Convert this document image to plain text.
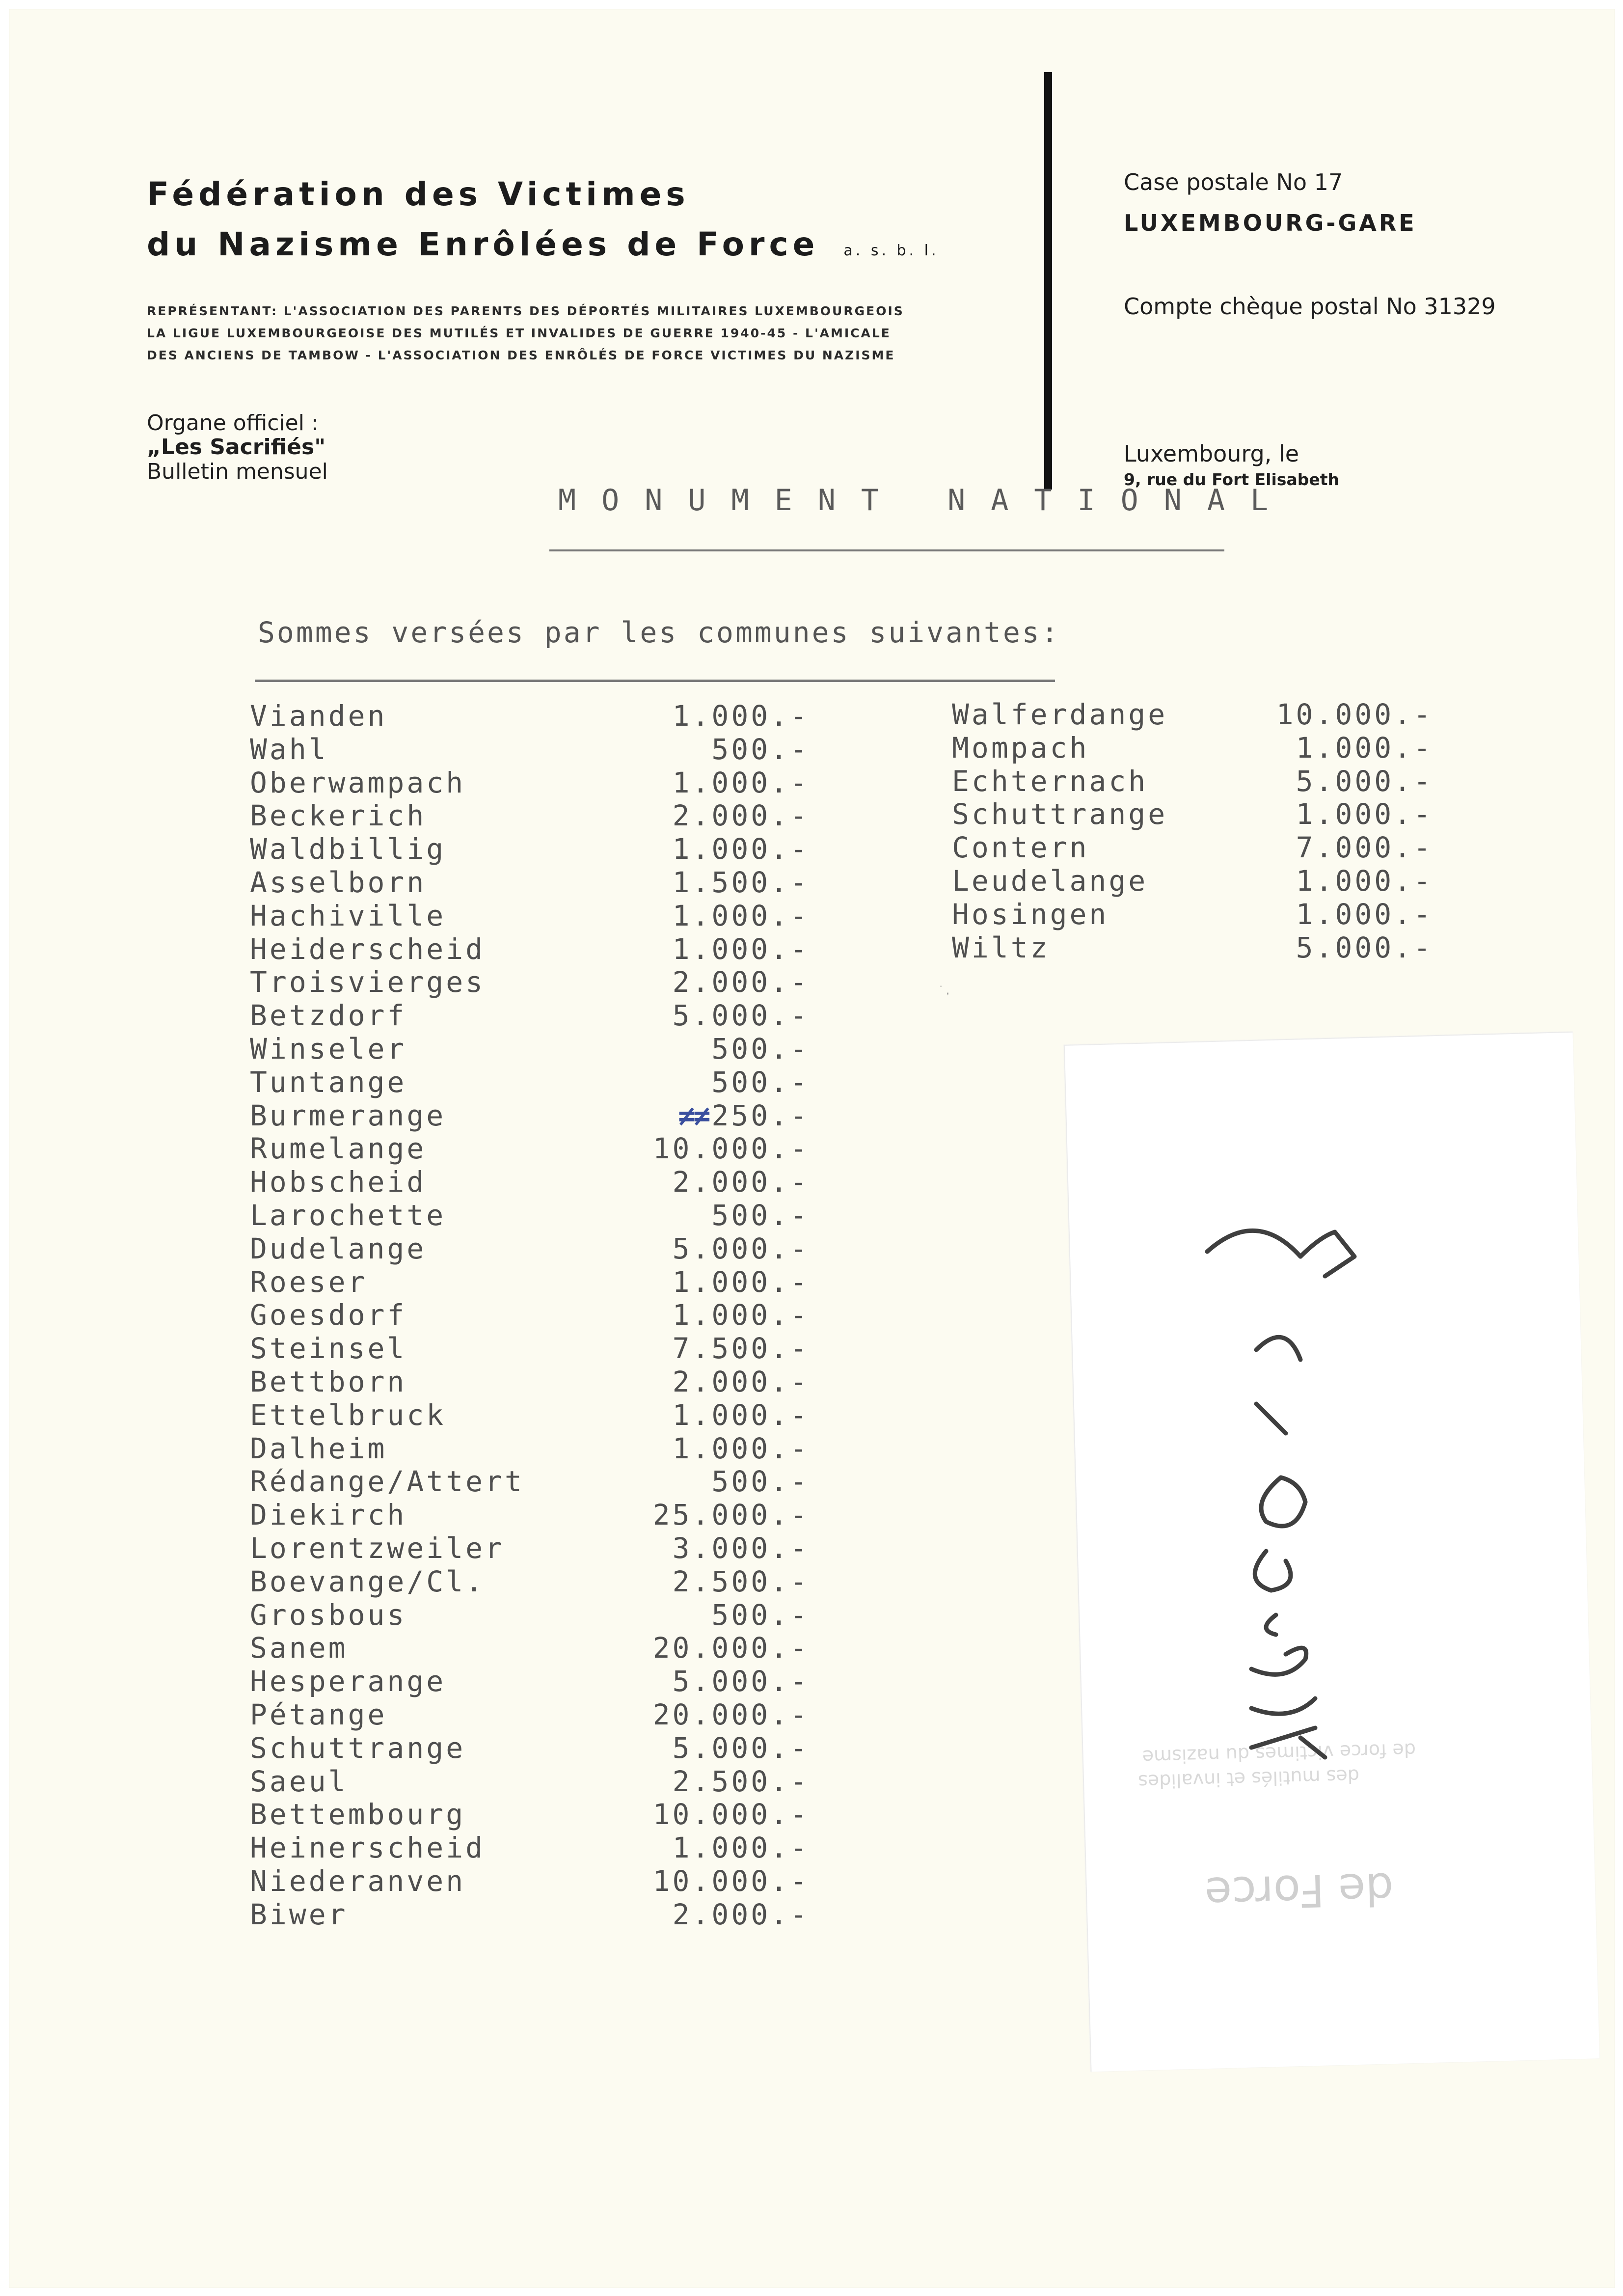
Fédération des Victimes
du Nazisme Enrôlées de Force a. s. b. l.
REPRÉSENTANT: L'ASSOCIATION DES PARENTS DES DÉPORTÉS MILITAIRES LUXEMBOURGEOIS
LA LIGUE LUXEMBOURGEOISE DES MUTILÉS ET INVALIDES DE GUERRE 1940-45 - L'AMICALE
DES ANCIENS DE TAMBOW - L'ASSOCIATION DES ENRÔLÉS DE FORCE VICTIMES DU NAZISME
Organe officiel :
„Les Sacrifiés"
Bulletin mensuel
Case postale No 17
LUXEMBOURG-GARE
Compte chèque postal No 31329
Luxembourg, le
9, rue du Fort Elisabeth
MONUMENT NATIONAL
Sommes versées par les communes suivantes:
Vianden	1.000.-
Wahl	500.-
Oberwampach	1.000.-
Beckerich	2.000.-
Waldbillig	1.000.-
Asselborn	1.500.-
Hachiville	1.000.-
Heiderscheid	1.000.-
Troisvierges	2.000.-
Betzdorf	5.000.-
Winseler	500.-
Tuntange	500.-
Burmerange	≠≠ 250.-
Rumelange	10.000.-
Hobscheid	2.000.-
Larochette	500.-
Dudelange	5.000.-
Roeser	1.000.-
Goesdorf	1.000.-
Steinsel	7.500.-
Bettborn	2.000.-
Ettelbruck	1.000.-
Dalheim	1.000.-
Rédange/Attert	500.-
Diekirch	25.000.-
Lorentzweiler	3.000.-
Boevange/Cl.	2.500.-
Grosbous	500.-
Sanem	20.000.-
Hesperange	5.000.-
Pétange	20.000.-
Schuttrange	5.000.-
Saeul	2.500.-
Bettembourg	10.000.-
Heinerscheid	1.000.-
Niederanven	10.000.-
Biwer	2.000.-
Walferdange	10.000.-
Mompach	1.000.-
Echternach	5.000.-
Schuttrange	1.000.-
Contern	7.000.-
Leudelange	1.000.-
Hosingen	1.000.-
Wiltz	5.000.-
˙ ,
de force victimes du nazisme
des mutilés et invalides
de Force
